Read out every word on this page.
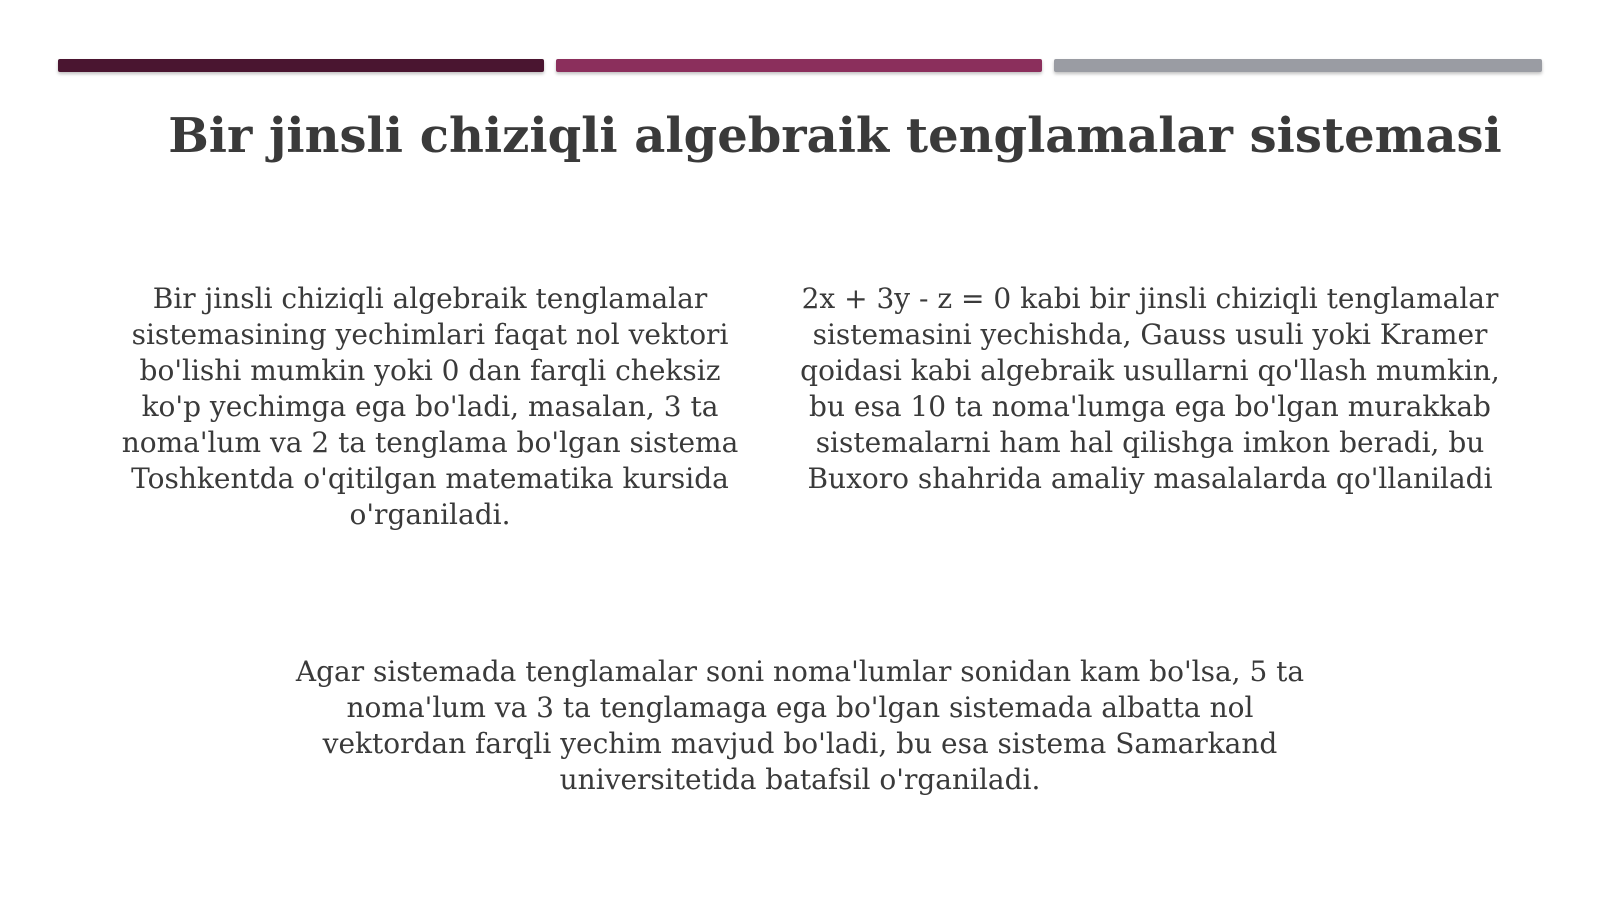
Bir jinsli chiziqli algebraik tenglamalar sistemasi

Bir jinsli chiziqli algebraik tenglamalar sistemasining yechimlari faqat nol vektori bo'lishi mumkin yoki 0 dan farqli cheksiz ko'p yechimga ega bo'ladi, masalan, 3 ta noma'lum va 2 ta tenglama bo'lgan sistema Toshkentda o'qitilgan matematika kursida o'rganiladi.

2x + 3y - z = 0 kabi bir jinsli chiziqli tenglamalar sistemasini yechishda, Gauss usuli yoki Kramer qoidasi kabi algebraik usullarni qo'llash mumkin, bu esa 10 ta noma'lumga ega bo'lgan murakkab sistemalarni ham hal qilishga imkon beradi, bu Buxoro shahrida amaliy masalalarda qo'llaniladi

Agar sistemada tenglamalar soni noma'lumlar sonidan kam bo'lsa, 5 ta noma'lum va 3 ta tenglamaga ega bo'lgan sistemada albatta nol vektordan farqli yechim mavjud bo'ladi, bu esa sistema Samarkand universitetida batafsil o'rganiladi.
